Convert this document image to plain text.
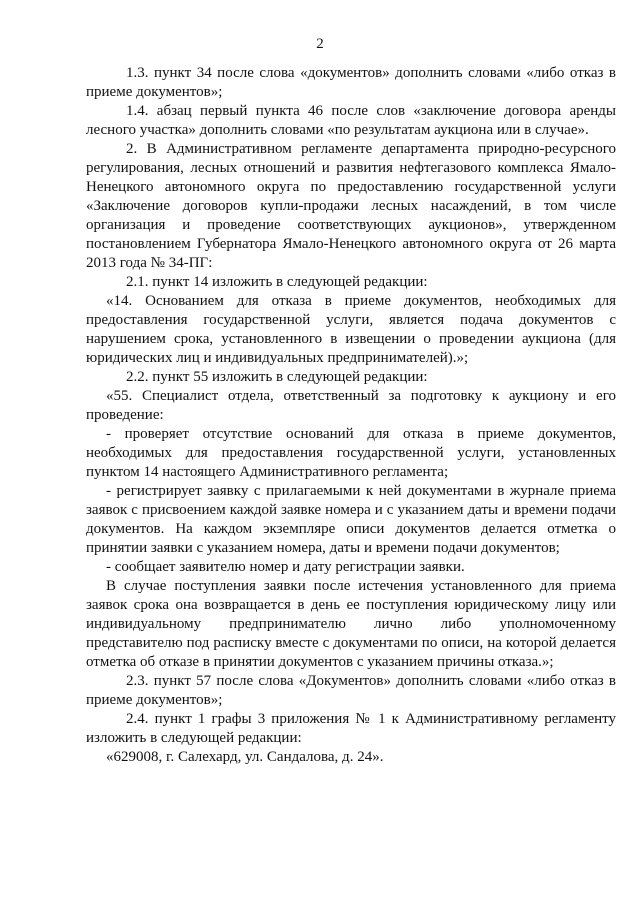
2

1.3. пункт 34 после слова «документов» дополнить словами «либо отказ в приеме документов»;

1.4. абзац первый пункта 46 после слов «заключение договора аренды лесного участка» дополнить словами «по результатам аукциона или в случае».

2. В Административном регламенте департамента природно-ресурсного регулирования, лесных отношений и развития нефтегазового комплекса Ямало-Ненецкого автономного округа по предоставлению государственной услуги «Заключение договоров купли-продажи лесных насаждений, в том числе организация и проведение соответствующих аукционов», утвержденном постановлением Губернатора Ямало-Ненецкого автономного округа от 26 марта 2013 года № 34-ПГ:

2.1. пункт 14 изложить в следующей редакции:

«14. Основанием для отказа в приеме документов, необходимых для предоставления государственной услуги, является подача документов с нарушением срока, установленного в извещении о проведении аукциона (для юридических лиц и индивидуальных предпринимателей).»;

2.2. пункт 55 изложить в следующей редакции:

«55. Специалист отдела, ответственный за подготовку к аукциону и его проведение:

- проверяет отсутствие оснований для отказа в приеме документов, необходимых для предоставления государственной услуги, установленных пунктом 14 настоящего Административного регламента;

- регистрирует заявку с прилагаемыми к ней документами в журнале приема заявок с присвоением каждой заявке номера и с указанием даты и времени подачи документов. На каждом экземпляре описи документов делается отметка о принятии заявки с указанием номера, даты и времени подачи документов;

- сообщает заявителю номер и дату регистрации заявки.

В случае поступления заявки после истечения установленного для приема заявок срока она возвращается в день ее поступления юридическому лицу или индивидуальному предпринимателю лично либо уполномоченному представителю под расписку вместе с документами по описи, на которой делается отметка об отказе в принятии документов с указанием причины отказа.»;

2.3. пункт 57 после слова «Документов» дополнить словами «либо отказ в приеме документов»;

2.4. пункт 1 графы 3 приложения № 1 к Административному регламенту изложить в следующей редакции:

«629008, г. Салехард, ул. Сандалова, д. 24».
